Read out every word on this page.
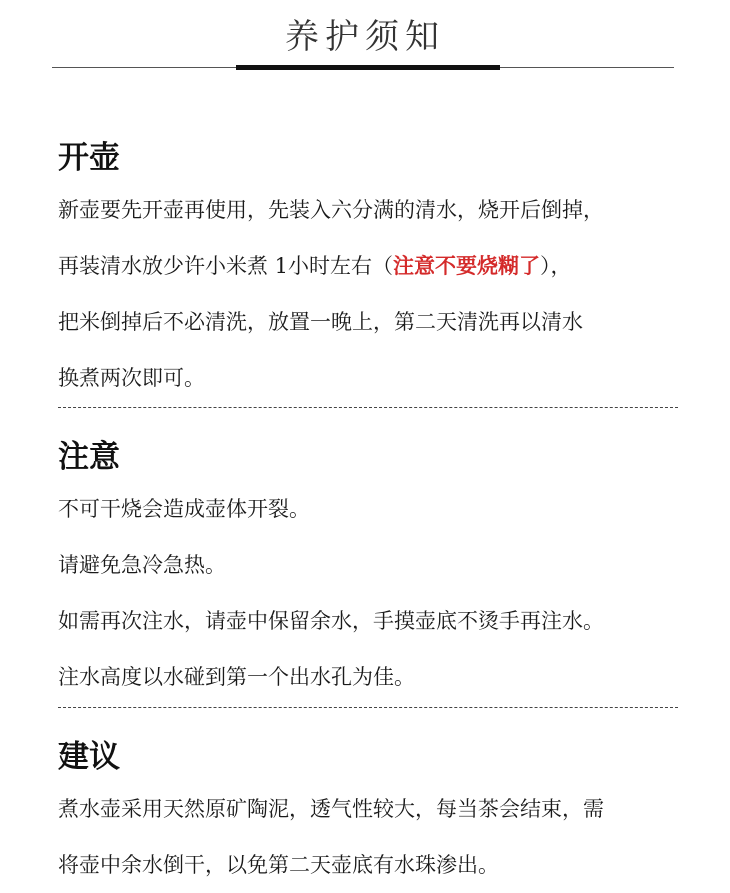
养护须知
开壶
新壶要先开壶再使用，先装入六分满的清水，烧开后倒掉，
再装清水放少许小米煮 1小时左右（注意不要烧糊了），
把米倒掉后不必清洗，放置一晚上，第二天清洗再以清水
换煮两次即可。
注意
不可干烧会造成壶体开裂。
请避免急冷急热。
如需再次注水，请壶中保留余水，手摸壶底不烫手再注水。
注水高度以水碰到第一个出水孔为佳。
建议
煮水壶采用天然原矿陶泥，透气性较大，每当茶会结束，需
将壶中余水倒干，以免第二天壶底有水珠渗出。
